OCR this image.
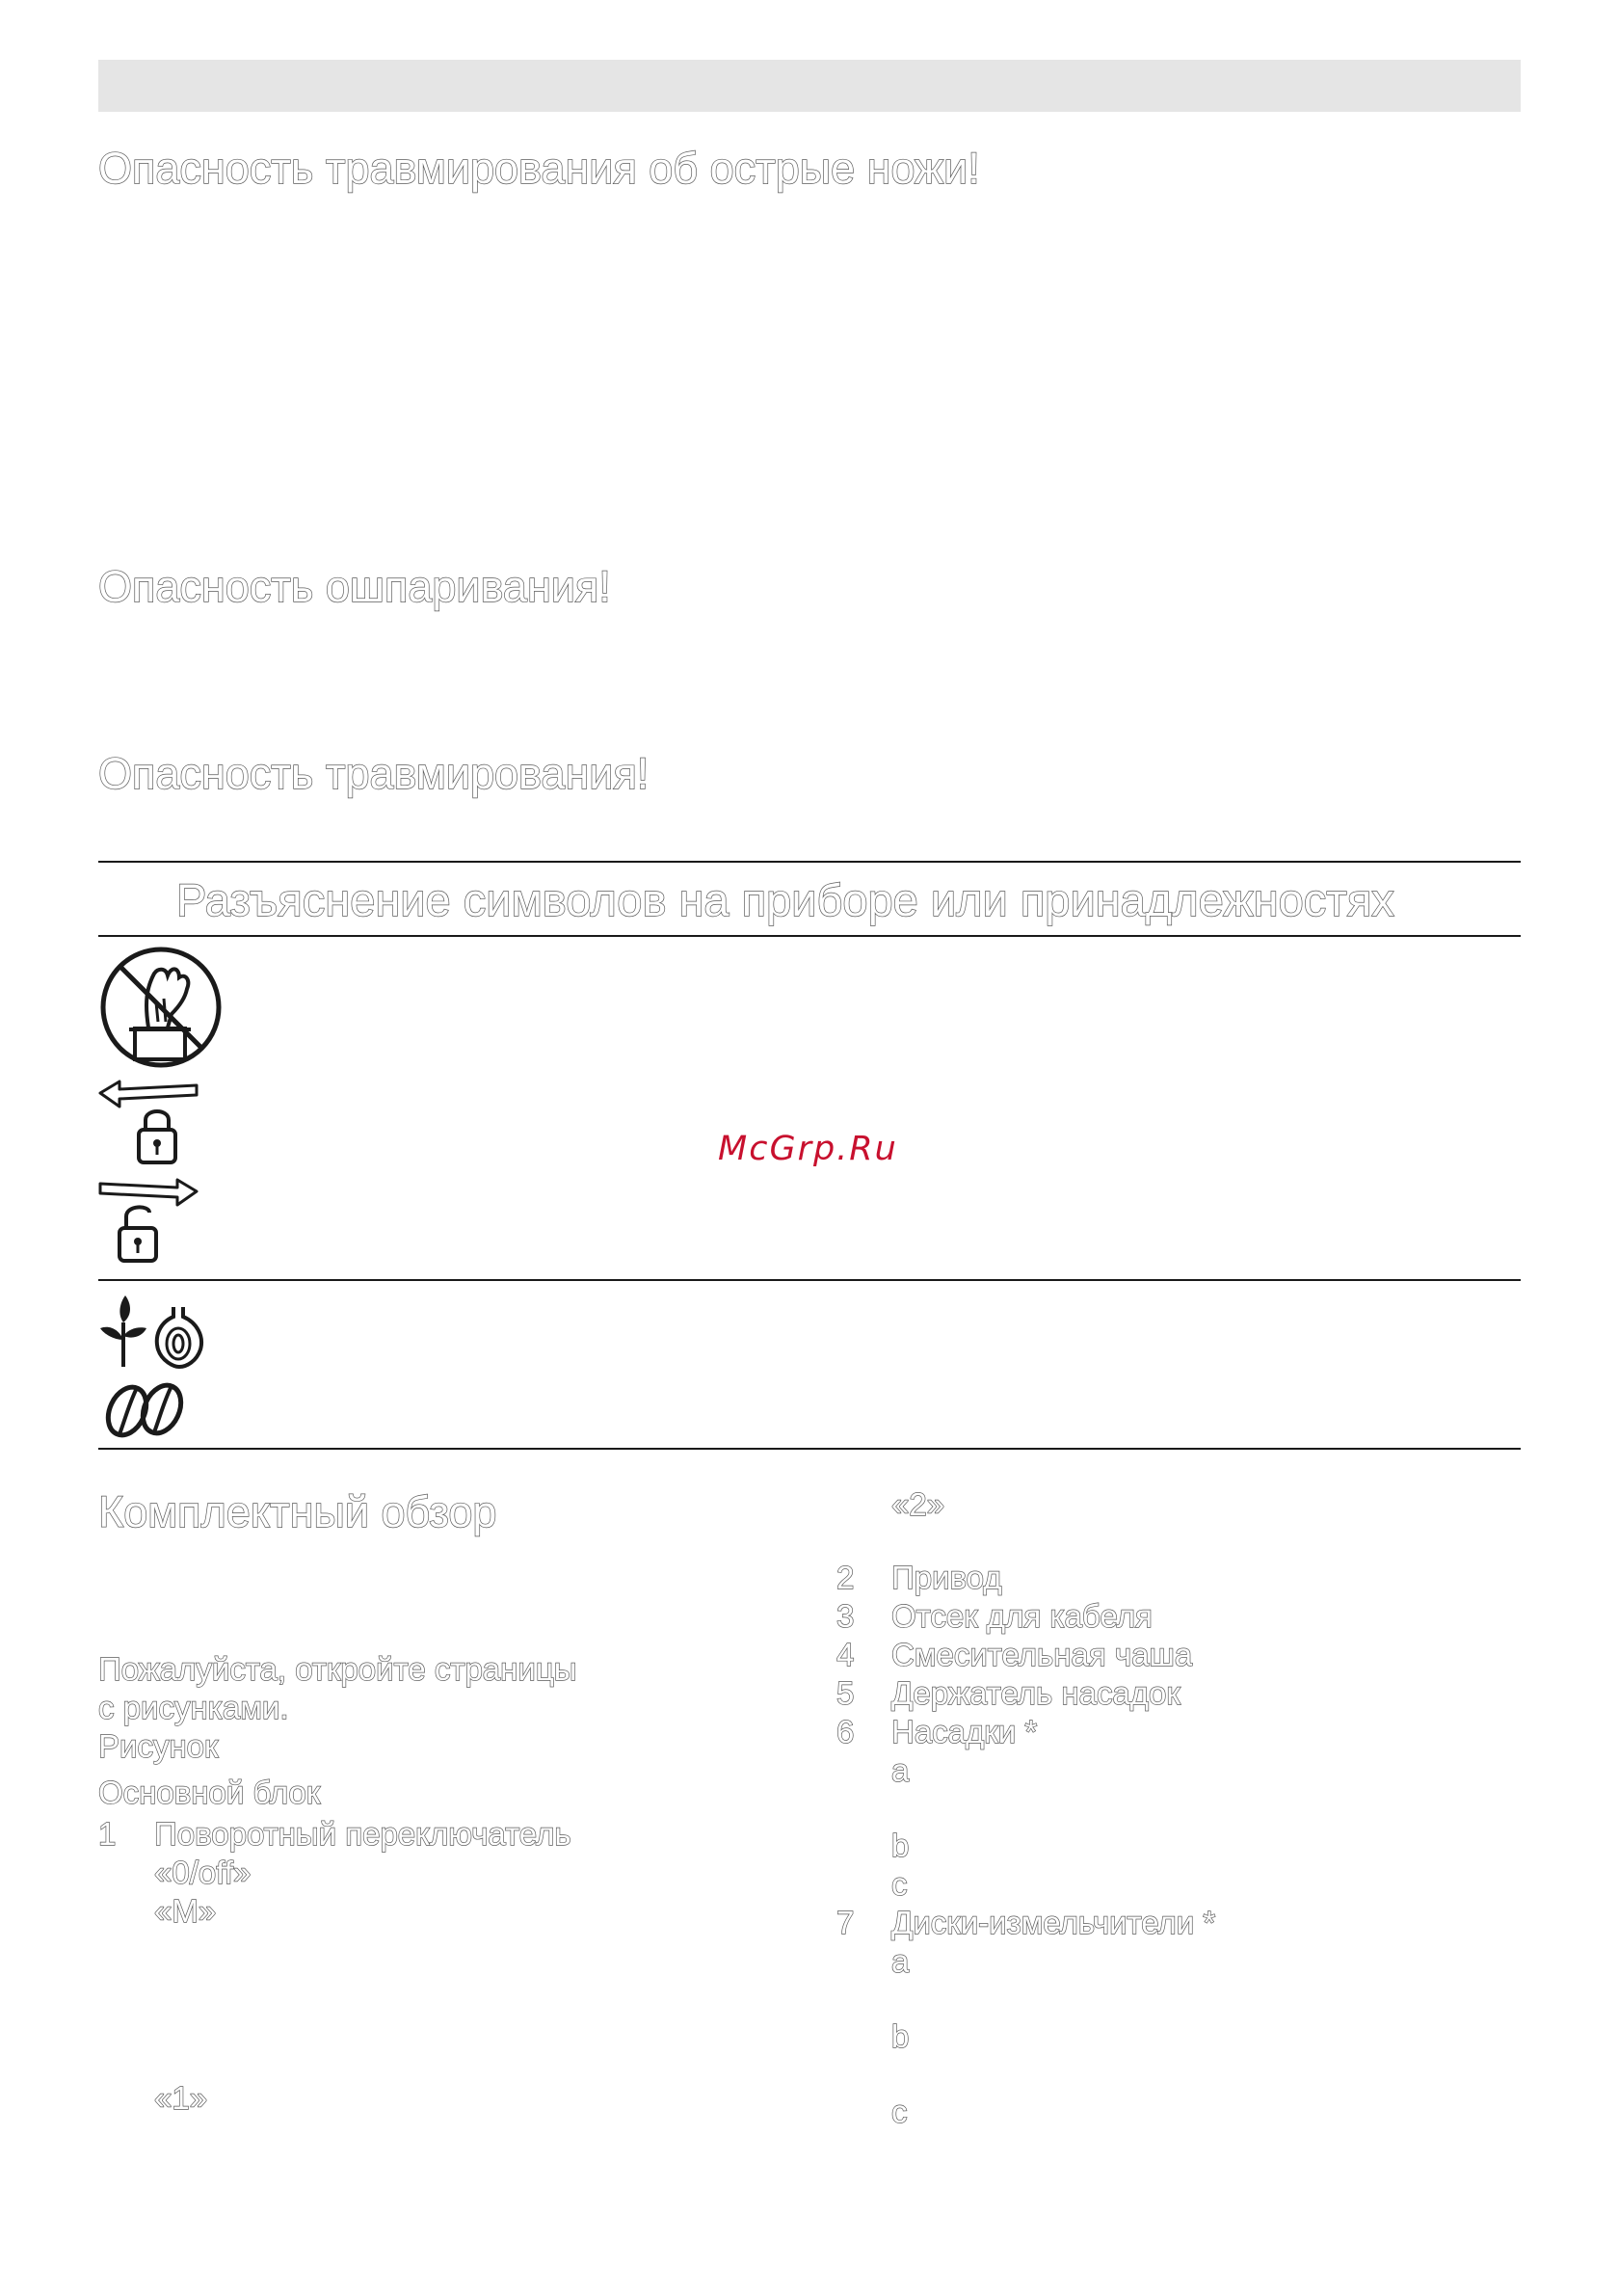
Опасность травмирования об острые ножи!
Опасность ошпаривания!
Опасность травмирования!
Разъяснение символов на приборе или принадлежностях
McGrp.Ru
Комплектный обзор
Пожалуйста, откройте страницы
с рисунками.
Рисунок
Основной блок
1 Поворотный переключатель
«0/off»
«M»
«1»
«2»
2 Привод
3 Отсек для кабеля
4 Смесительная чаша
5 Держатель насадок
6 Насадки *
a
b
c
7 Диски-измельчители *
a
b
c
